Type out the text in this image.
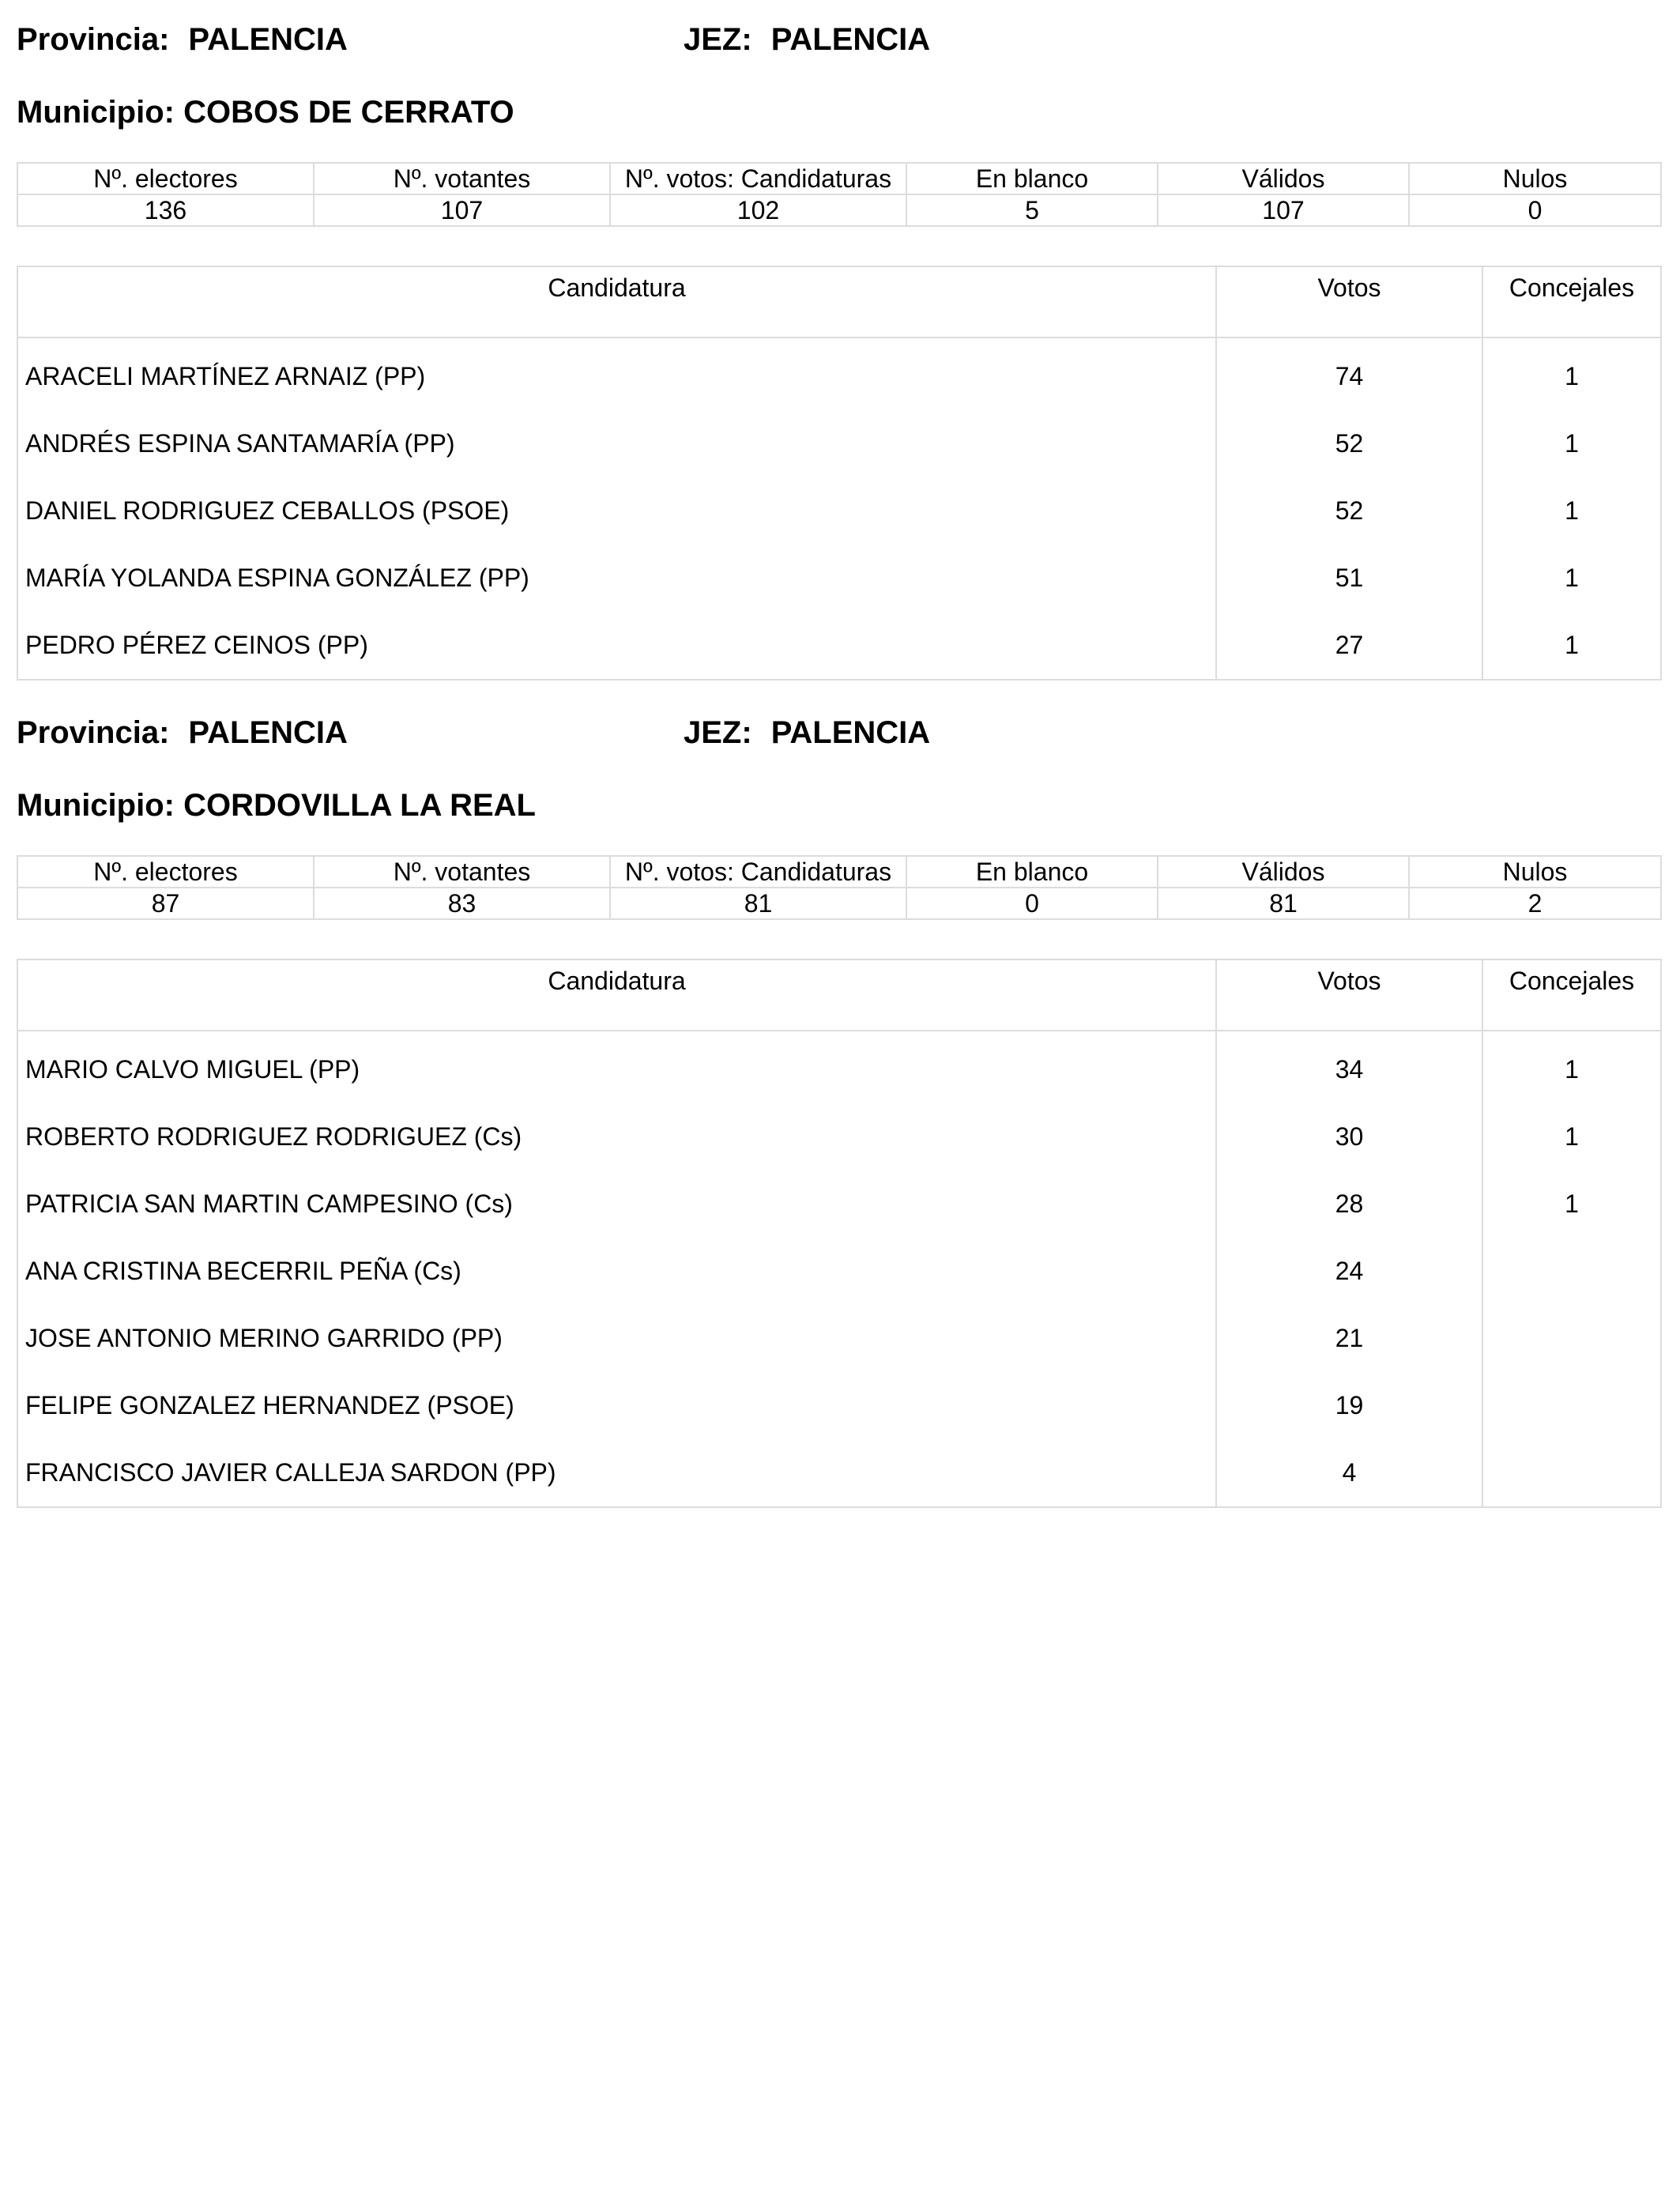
Provincia: PALENCIA	JEZ: PALENCIA
Municipio: COBOS DE CERRATO
Nº. electores	Nº. votantes	Nº. votos: Candidaturas	En blanco	Válidos	Nulos
136	107	102	5	107	0
Candidatura	Votos	Concejales
ARACELI MARTÍNEZ ARNAIZ (PP)	74	1
ANDRÉS ESPINA SANTAMARÍA (PP)	52	1
DANIEL RODRIGUEZ CEBALLOS (PSOE)	52	1
MARÍA YOLANDA ESPINA GONZÁLEZ (PP)	51	1
PEDRO PÉREZ CEINOS (PP)	27	1
Provincia: PALENCIA	JEZ: PALENCIA
Municipio: CORDOVILLA LA REAL
Nº. electores	Nº. votantes	Nº. votos: Candidaturas	En blanco	Válidos	Nulos
87	83	81	0	81	2
Candidatura	Votos	Concejales
MARIO CALVO MIGUEL (PP)	34	1
ROBERTO RODRIGUEZ RODRIGUEZ (Cs)	30	1
PATRICIA SAN MARTIN CAMPESINO (Cs)	28	1
ANA CRISTINA BECERRIL PEÑA (Cs)	24	
JOSE ANTONIO MERINO GARRIDO (PP)	21	
FELIPE GONZALEZ HERNANDEZ (PSOE)	19	
FRANCISCO JAVIER CALLEJA SARDON (PP)	4	
